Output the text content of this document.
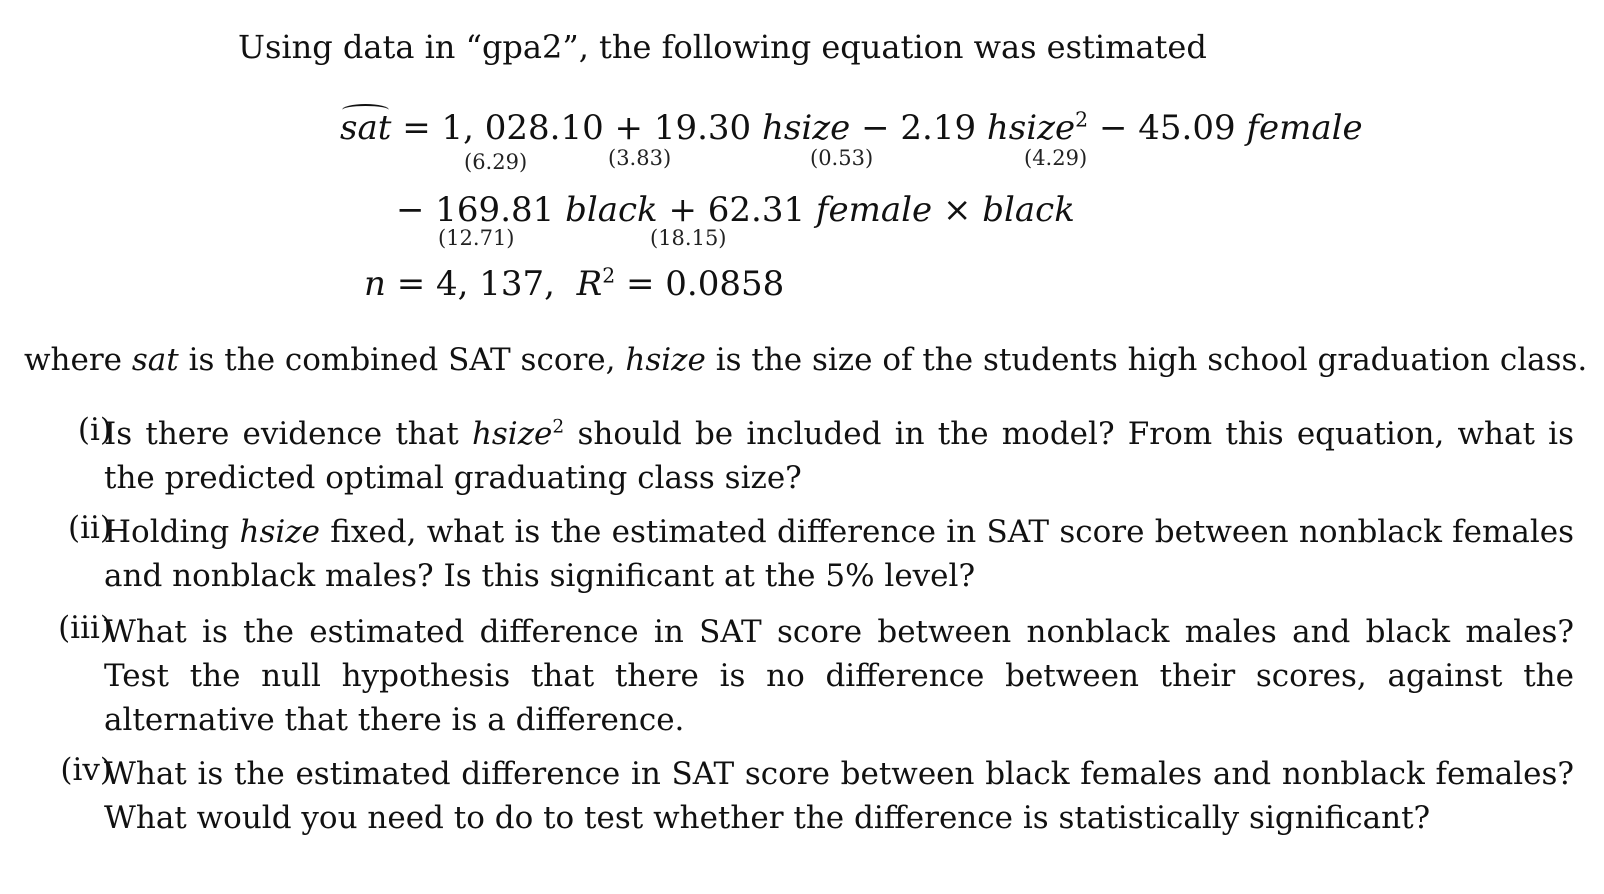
Using data in “gpa2”, the following equation was estimated
sat = 1, 028.10 + 19.30 hsize − 2.19 hsize$^2$ − 45.09 female
(6.29)	(3.83)	(0.53)	(4.29)
− 169.81 black + 62.31 female × black
(12.71)	(18.15)
n = 4, 137, $R^2 = 0.0858$
where sat is the combined SAT score, hsize is the size of the students high school graduation class.
(i)
Is there evidence that hsize$^2$ should be included in the model? From this equation, what is the predicted optimal graduating class size?
(ii)
Holding hsize fixed, what is the estimated difference in SAT score between nonblack females and nonblack males? Is this significant at the 5% level?
(iii)
What is the estimated difference in SAT score between nonblack males and black males? Test the null hypothesis that there is no difference between their scores, against the alternative that there is a difference.
(iv)
What is the estimated difference in SAT score between black females and nonblack females? What would you need to do to test whether the difference is statistically significant?
